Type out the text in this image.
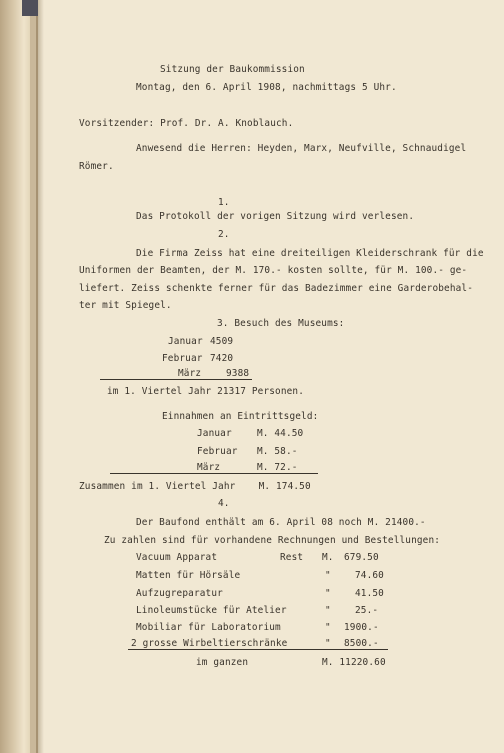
Sitzung der Baukommission
Montag, den 6. April 1908, nachmittags 5 Uhr.
Vorsitzender: Prof. Dr. A. Knoblauch.
Anwesend die Herren: Heyden, Marx, Neufville, Schnaudigel
Römer.
1.
Das Protokoll der vorigen Sitzung wird verlesen.
2.
Die Firma Zeiss hat eine dreiteiligen Kleiderschrank für die
Uniformen der Beamten, der M. 170.- kosten sollte, für M. 100.- ge-
liefert. Zeiss schenkte ferner für das Badezimmer eine Garderobehal-
ter mit Spiegel.
3. Besuch des Museums:
Januar 4509
Februar 7420
März	9388
im 1. Viertel Jahr 21317 Personen.
Einnahmen an Eintrittsgeld:
Januar	M. 44.50
Februar M. 58.-
März	M. 72.-
Zusammen im 1. Viertel Jahr    M. 174.50
4.
Der Baufond enthält am 6. April 08 noch M. 21400.-
Zu zahlen sind für vorhandene Rechnungen und Bestellungen:
Vacuum Apparat	Rest M. 679.50
Matten für Hörsäle	"	74.60
Aufzugreparatur	"	41.50
Linoleumstücke für Atelier	"	25.-
Mobiliar für Laboratorium	" 1900.-
2 grosse Wirbeltierschränke	" 8500.-
im ganzen	M. 11220.60
